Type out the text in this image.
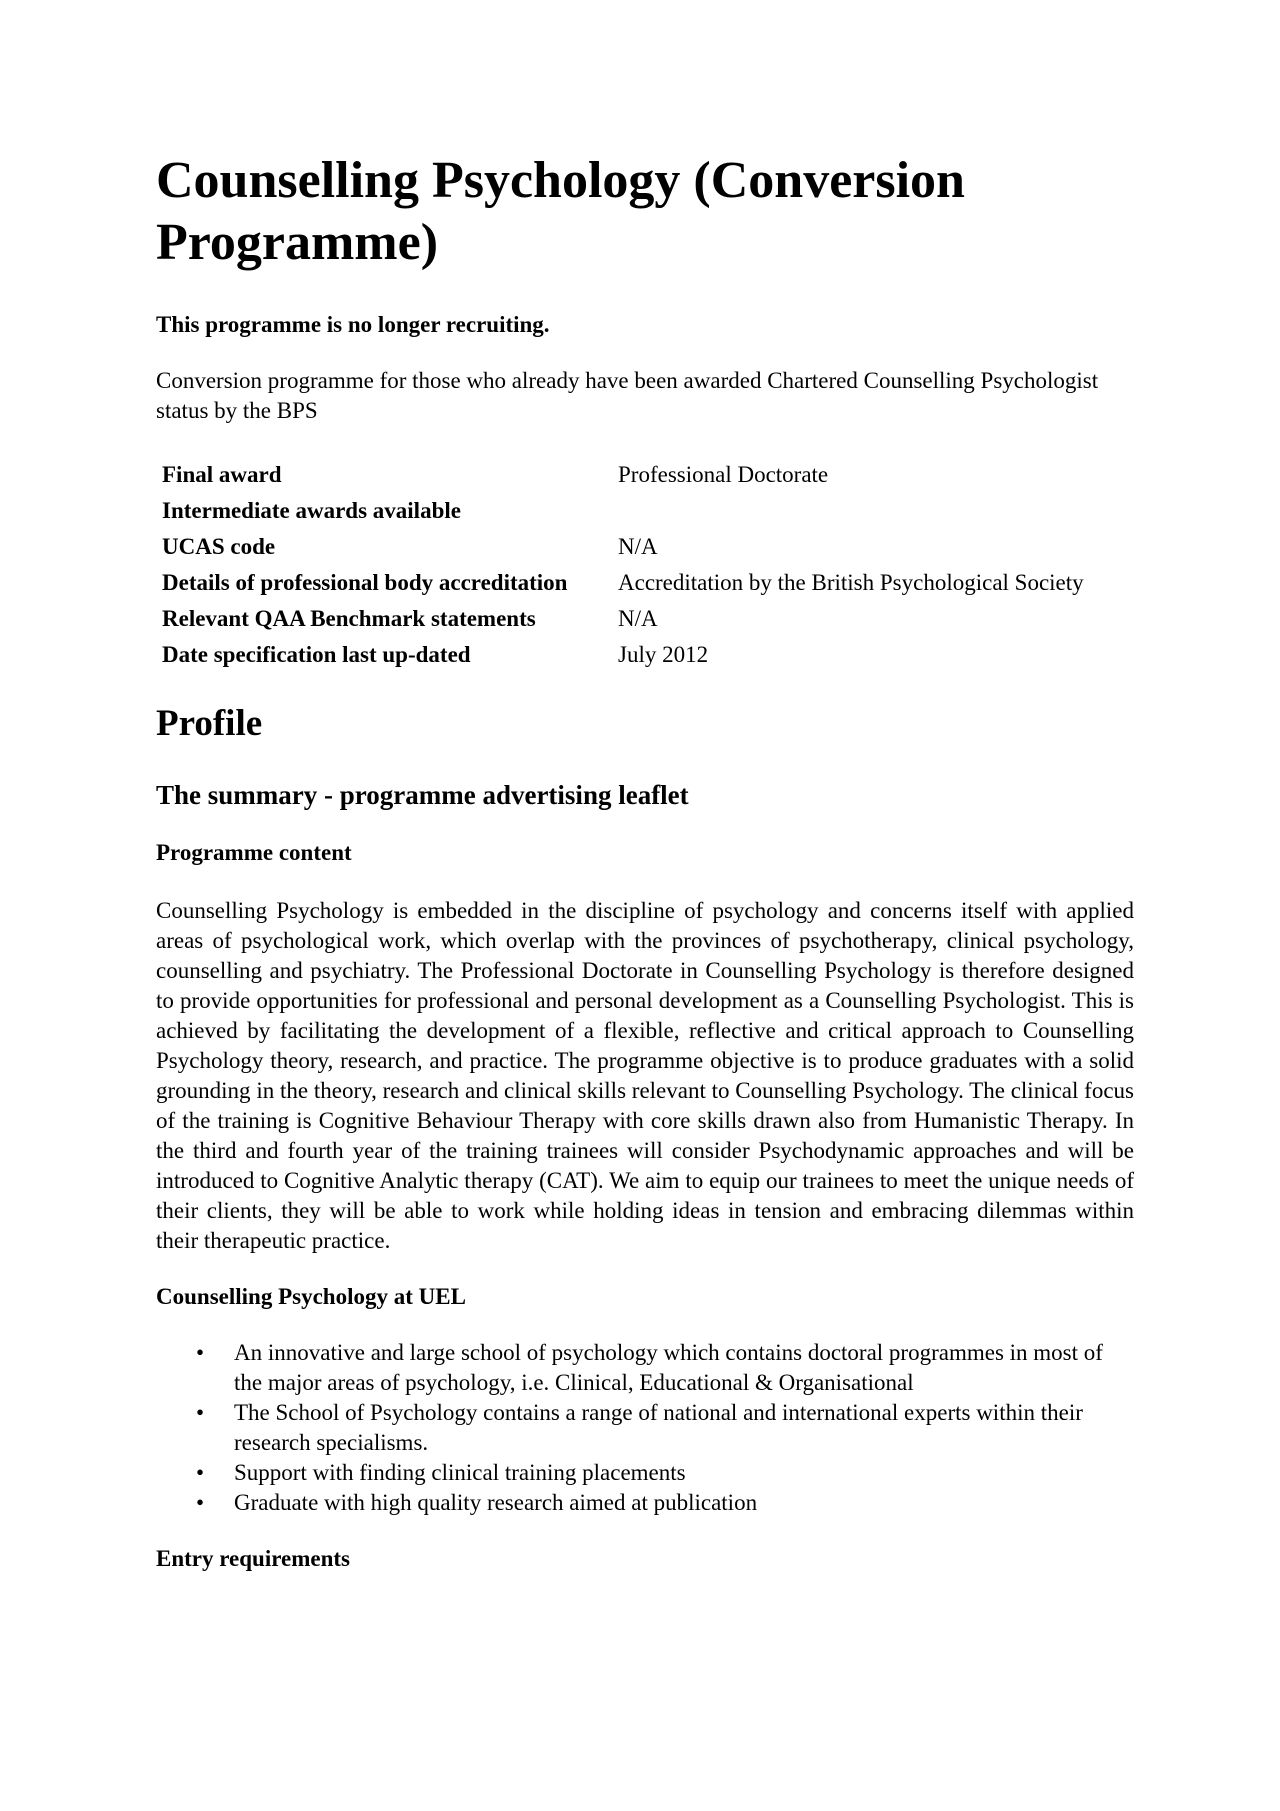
Counselling Psychology (Conversion Programme)
This programme is no longer recruiting.
Conversion programme for those who already have been awarded Chartered Counselling Psychologist status by the BPS
Final award	Professional Doctorate
Intermediate awards available	
UCAS code	N/A
Details of professional body accreditation	Accreditation by the British Psychological Society
Relevant QAA Benchmark statements	N/A
Date specification last up-dated	July 2012
Profile
The summary - programme advertising leaflet
Programme content

Counselling Psychology is embedded in the discipline of psychology and concerns itself with applied areas of psychological work, which overlap with the provinces of psychotherapy, clinical psychology, counselling and psychiatry. The Professional Doctorate in Counselling Psychology is therefore designed to provide opportunities for professional and personal development as a Counselling Psychologist. This is achieved by facilitating the development of a flexible, reflective and critical approach to Counselling Psychology theory, research, and practice. The programme objective is to produce graduates with a solid grounding in the theory, research and clinical skills relevant to Counselling Psychology. The clinical focus of the training is Cognitive Behaviour Therapy with core skills drawn also from Humanistic Therapy. In the third and fourth year of the training trainees will consider Psychodynamic approaches and will be introduced to Cognitive Analytic therapy (CAT). We aim to equip our trainees to meet the unique needs of their clients, they will be able to work while holding ideas in tension and embracing dilemmas within their therapeutic practice.

Counselling Psychology at UEL
• An innovative and large school of psychology which contains doctoral programmes in most of the major areas of psychology, i.e. Clinical, Educational & Organisational
• The School of Psychology contains a range of national and international experts within their research specialisms.
• Support with finding clinical training placements
• Graduate with high quality research aimed at publication
Entry requirements
